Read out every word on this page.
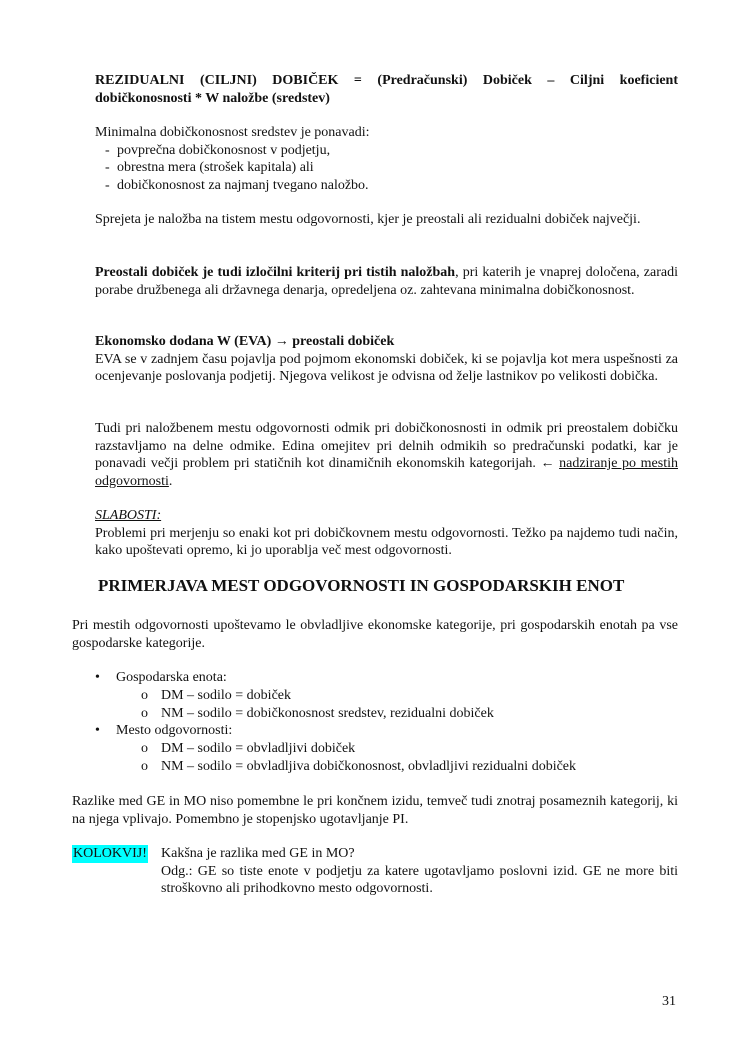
REZIDUALNI (CILJNI) DOBIČEK = (Predračunski) Dobiček – Ciljni koeficient dobičkonosnosti * W naložbe (sredstev)

Minimalna dobičkonosnost sredstev je ponavadi:

- povprečna dobičkonosnost v podjetju,
- obrestna mera (strošek kapitala) ali
- dobičkonosnost za najmanj tvegano naložbo.
Sprejeta je naložba na tistem mestu odgovornosti, kjer je preostali ali rezidualni dobiček največji.
Preostali dobiček je tudi izločilni kriterij pri tistih naložbah, pri katerih je vnaprej določena, zaradi porabe družbenega ali državnega denarja, opredeljena oz. zahtevana minimalna dobičkonosnost.
Ekonomsko dodana W (EVA) → preostali dobiček

EVA se v zadnjem času pojavlja pod pojmom ekonomski dobiček, ki se pojavlja kot mera uspešnosti za ocenjevanje poslovanja podjetij. Njegova velikost je odvisna od želje lastnikov po velikosti dobička.

Tudi pri naložbenem mestu odgovornosti odmik pri dobičkonosnosti in odmik pri preostalem dobičku razstavljamo na delne odmike. Edina omejitev pri delnih odmikih so predračunski podatki, kar je ponavadi večji problem pri statičnih kot dinamičnih ekonomskih kategorijah. ← nadziranje po mestih odgovornosti.

SLABOSTI:

Problemi pri merjenju so enaki kot pri dobičkovnem mestu odgovornosti. Težko pa najdemo tudi način, kako upoštevati opremo, ki jo uporablja več mest odgovornosti.

PRIMERJAVA MEST ODGOVORNOSTI IN GOSPODARSKIH ENOT
Pri mestih odgovornosti upoštevamo le obvladljive ekonomske kategorije, pri gospodarskih enotah pa vse gospodarske kategorije.
• Gospodarska enota:
o DM – sodilo = dobiček
o NM – sodilo = dobičkonosnost sredstev, rezidualni dobiček
• Mesto odgovornosti:
o DM – sodilo = obvladljivi dobiček
o NM – sodilo = obvladljiva dobičkonosnost, obvladljivi rezidualni dobiček
Razlike med GE in MO niso pomembne le pri končnem izidu, temveč tudi znotraj posameznih kategorij, ki na njega vplivajo. Pomembno je stopenjsko ugotavljanje PI.
KOLOKVIJ! Kakšna je razlika med GE in MO?

Odg.: GE so tiste enote v podjetju za katere ugotavljamo poslovni izid. GE ne more biti stroškovno ali prihodkovno mesto odgovornosti.

31
